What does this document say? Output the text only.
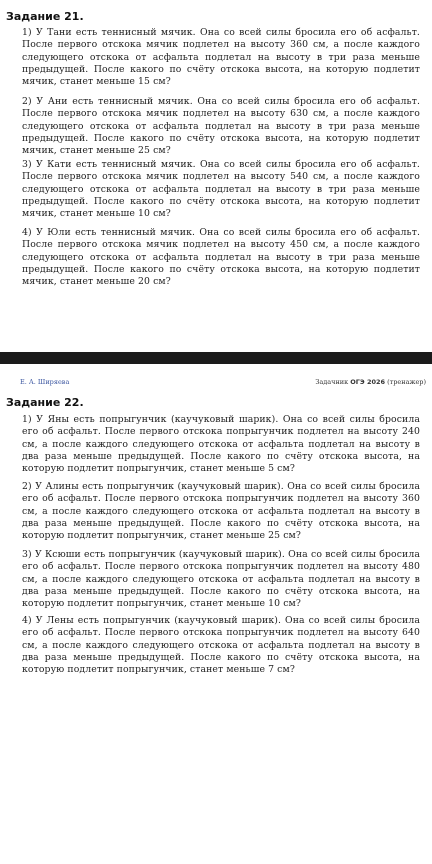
Задание 21.

1) У Тани есть теннисный мячик. Она со всей силы бросила его об асфальт. После первого отскока мячик подлетел на высоту 360 см, а после каждого следующего отскока от асфальта подлетал на высоту в три раза меньше предыдущей. После какого по счёту отскока высота, на которую подлетит мячик, станет меньше 15 см?

2) У Ани есть теннисный мячик. Она со всей силы бросила его об асфальт. После первого отскока мячик подлетел на высоту 630 см, а после каждого следующего отскока от асфальта подлетал на высоту в три раза меньше предыдущей. После какого по счёту отскока высота, на которую подлетит мячик, станет меньше 25 см?

3) У Кати есть теннисный мячик. Она со всей силы бросила его об асфальт. После первого отскока мячик подлетел на высоту 540 см, а после каждого следующего отскока от асфальта подлетал на высоту в три раза меньше предыдущей. После какого по счёту отскока высота, на которую подлетит мячик, станет меньше 10 см?

4) У Юли есть теннисный мячик. Она со всей силы бросила его об асфальт. После первого отскока мячик подлетел на высоту 450 см, а после каждого следующего отскока от асфальта подлетал на высоту в три раза меньше предыдущей. После какого по счёту отскока высота, на которую подлетит мячик, станет меньше 20 см?

Е. А. Ширяева	Задачник ОГЭ 2026 (тренажер)
Задание 22.

1) У Яны есть попрыгунчик (каучуковый шарик). Она со всей силы бросила его об асфальт. После первого отскока попрыгунчик подлетел на высоту 240 см, а после каждого следующего отскока от асфальта подлетал на высоту в два раза меньше предыдущей. После какого по счёту отскока высота, на которую подлетит попрыгунчик, станет меньше 5 см?

2) У Алины есть попрыгунчик (каучуковый шарик). Она со всей силы бросила его об асфальт. После первого отскока попрыгунчик подлетел на высоту 360 см, а после каждого следующего отскока от асфальта подлетал на высоту в два раза меньше предыдущей. После какого по счёту отскока высота, на которую подлетит попрыгунчик, станет меньше 25 см?

3) У Ксюши есть попрыгунчик (каучуковый шарик). Она со всей силы бросила его об асфальт. После первого отскока попрыгунчик подлетел на высоту 480 см, а после каждого следующего отскока от асфальта подлетал на высоту в два раза меньше предыдущей. После какого по счёту отскока высота, на которую подлетит попрыгунчик, станет меньше 10 см?

4) У Лены есть попрыгунчик (каучуковый шарик). Она со всей силы бросила его об асфальт. После первого отскока попрыгунчик подлетел на высоту 640 см, а после каждого следующего отскока от асфальта подлетал на высоту в два раза меньше предыдущей. После какого по счёту отскока высота, на которую подлетит попрыгунчик, станет меньше 7 см?
